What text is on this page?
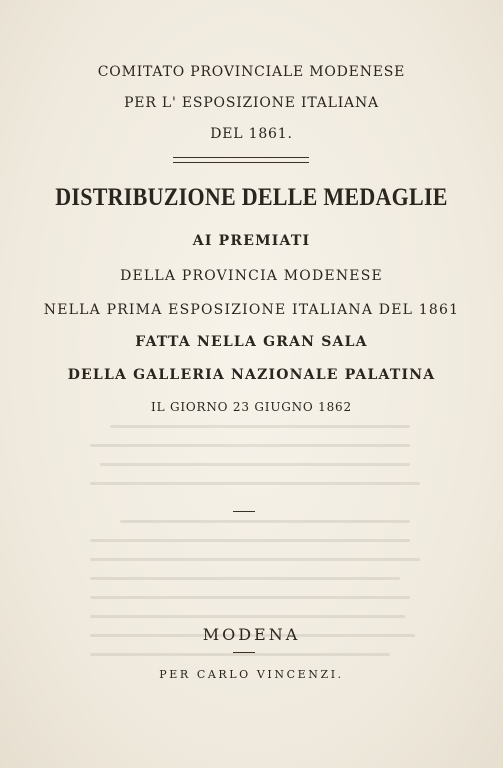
COMITATO PROVINCIALE MODENESE
PER L' ESPOSIZIONE ITALIANA
DEL 1861.
DISTRIBUZIONE DELLE MEDAGLIE
AI PREMIATI
DELLA PROVINCIA MODENESE
NELLA PRIMA ESPOSIZIONE ITALIANA DEL 1861
FATTA NELLA GRAN SALA
DELLA GALLERIA NAZIONALE PALATINA
IL GIORNO 23 GIUGNO 1862
MODENA
PER CARLO VINCENZI.
